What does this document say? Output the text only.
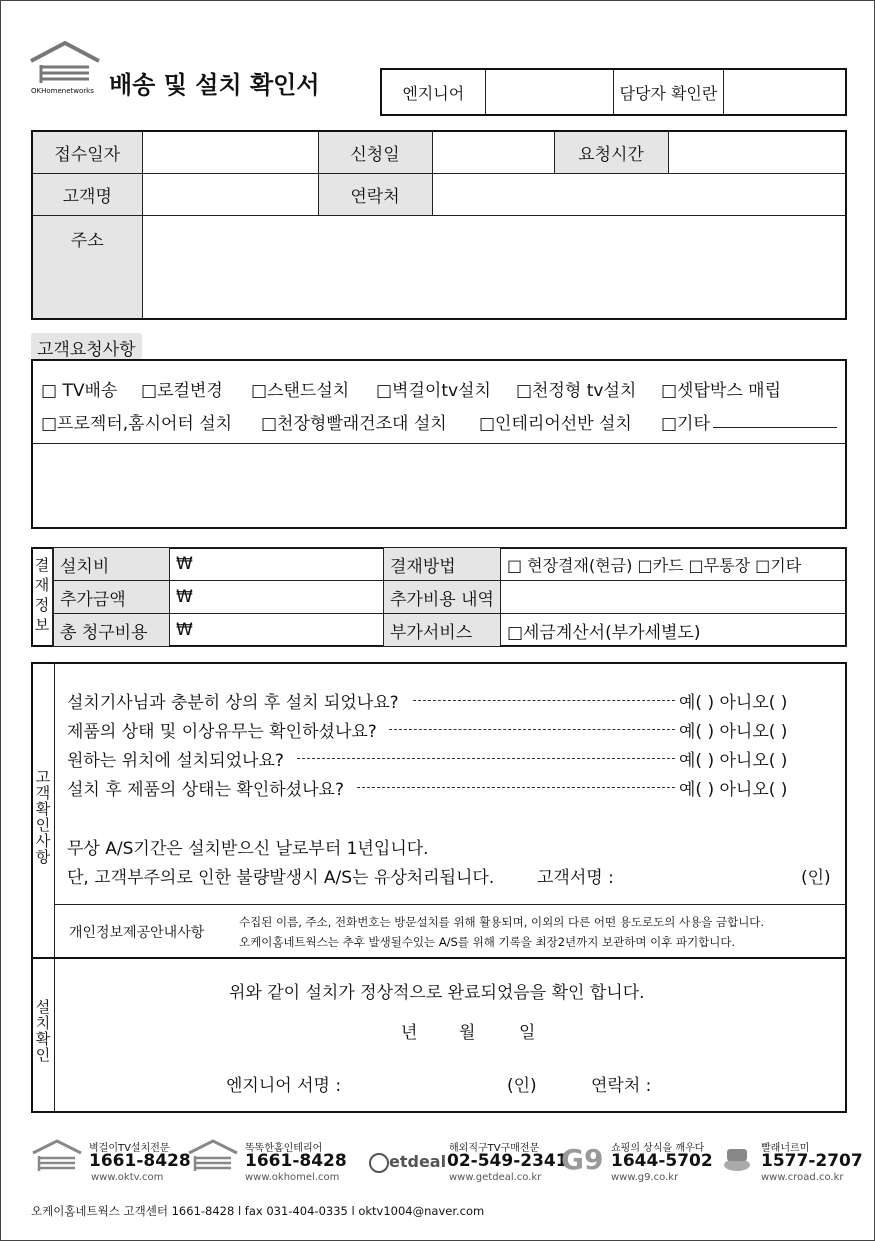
OKHomenetworks 배송 및 설치 확인서	엔지니어		담당자 확인란	
접수일자		신청일		요청시간	
고객명		연락처			
주소					
고객요청사항
□ TV배송 □로컬변경 □스탠드설치 □벽걸이tv설치 □천정형 tv설치 □셋탑박스 매립
□프로젝터,홈시어터 설치 □천장형빨래건조대 설치 □인테리어선반 설치 □기타
결
재
정
보
설치비	₩	결재방법	□ 현장결재(현금) □카드 □무통장 □기타
추가금액	₩	추가비용 내역	
총 청구비용	₩	부가서비스	□세금계산서(부가세별도)
고
객
확
인
사
항
설치기사님과 충분히 상의 후 설치 되었나요?	예( ) 아니오( )
제품의 상태 및 이상유무는 확인하셨나요?	예( ) 아니오( )
원하는 위치에 설치되었나요?	예( ) 아니오( )
설치 후 제품의 상태는 확인하셨나요?	예( ) 아니오( )
무상 A/S기간은 설치받으신 날로부터 1년입니다.
단, 고객부주의로 인한 불량발생시 A/S는 유상처리됩니다.	고객서명 :	(인)
개인정보제공안내사항
수집된 이름, 주소, 전화번호는 방문설치를 위해 활용되며, 이외의 다른 어떤 용도로도의 사용을 금합니다.
오케이홈네트웍스는 추후 발생될수있는 A/S를 위해 기록을 최장2년까지 보관하며 이후 파기합니다.
설
치
확
인
위와 같이 설치가 정상적으로 완료되었음을 확인 합니다.
년 월	일
엔지니어 서명 :	(인)	연락처 :
벽걸이TV설치전문
1661-8428
www.oktv.com
똑똑한홈인테리어
1661-8428
www.okhomel.com
etdeal
해외직구TV구매전문
02-549-2341
www.getdeal.co.kr
G9 쇼핑의 상식을 깨우다
1644-5702
www.g9.co.kr
빨래너르미
1577-2707
www.croad.co.kr
오케이홈네트웍스 고객센터 1661-8428 l fax 031-404-0335 l oktv1004@naver.com
